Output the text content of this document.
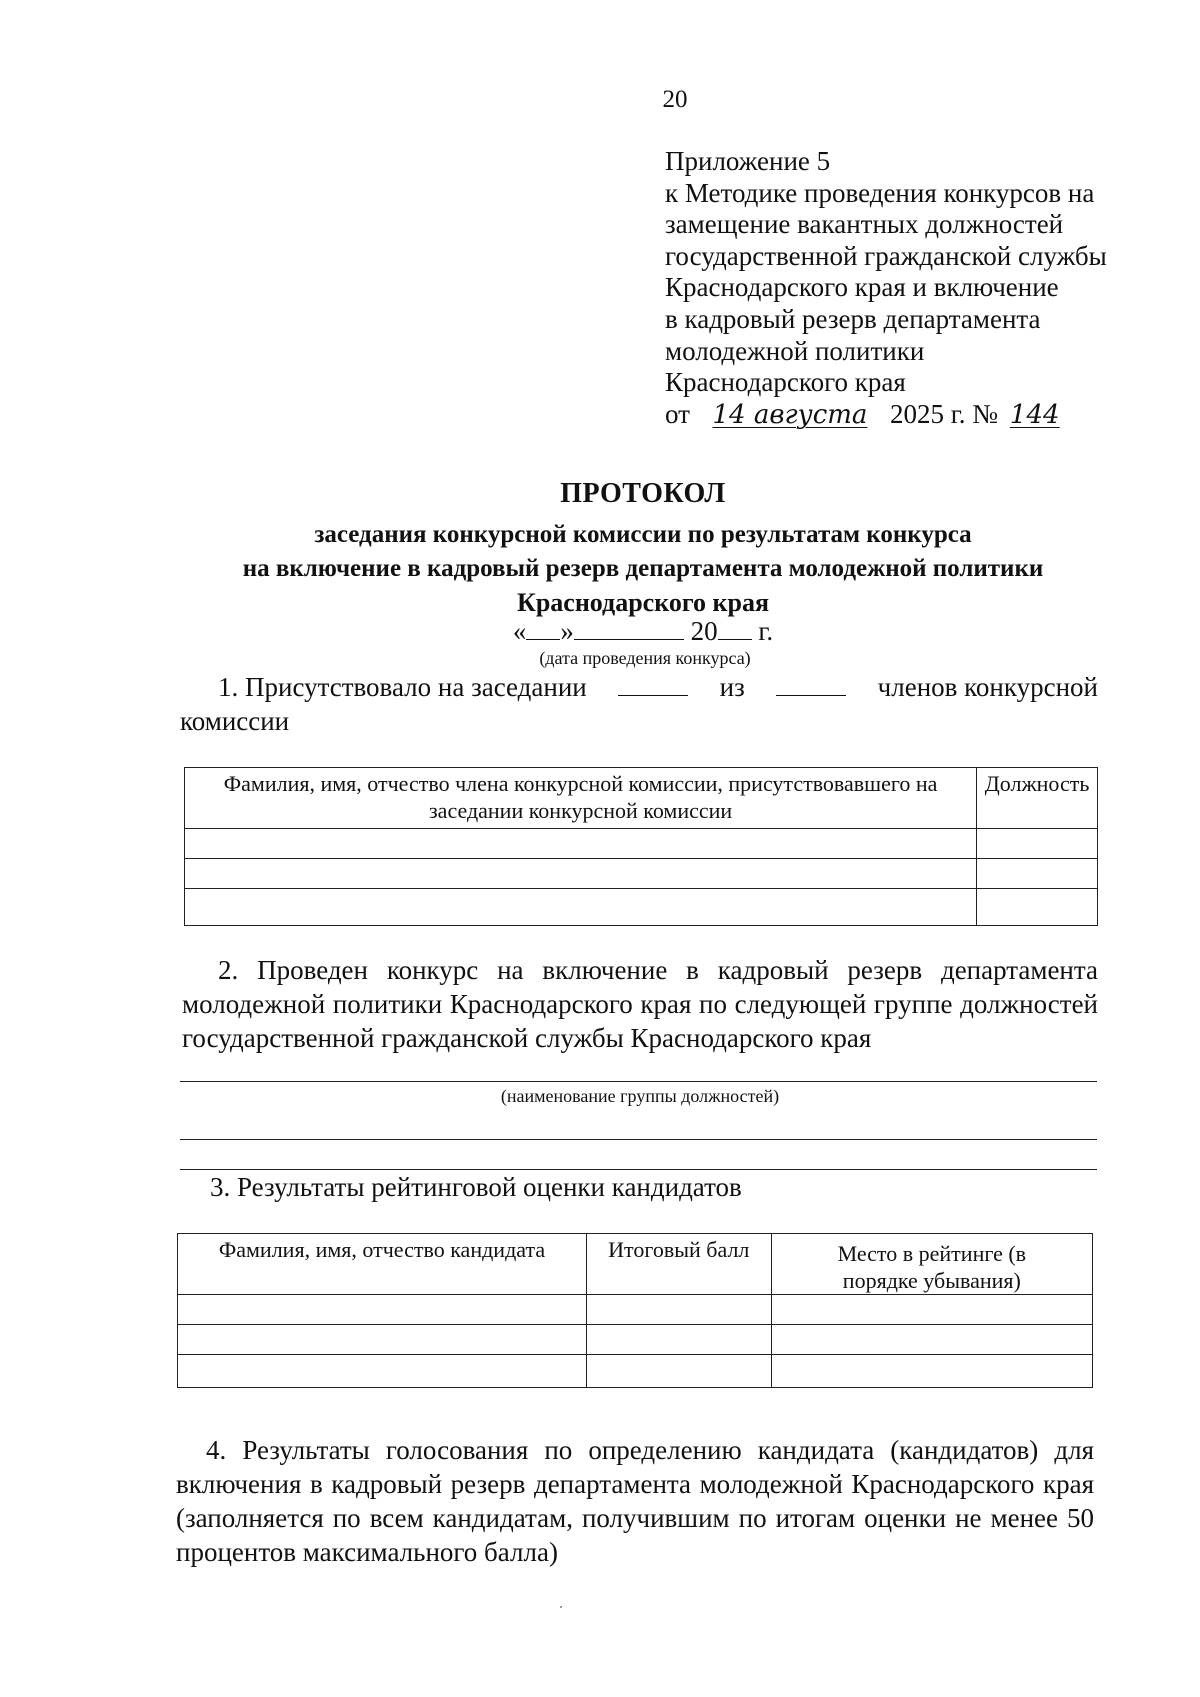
20
Приложение 5
к Методике проведения конкурсов на
замещение вакантных должностей
государственной гражданской службы
Краснодарского края и включение
в кадровый резерв департамента
молодежной политики
Краснодарского края
от 14 августа 2025 г. № 144
ПРОТОКОЛ
заседания конкурсной комиссии по результатам конкурса
на включение в кадровый резерв департамента молодежной политики
Краснодарского края
« »	20 г.
(дата проведения конкурса)
1. Присутствовало на заседании	из	членов конкурсной
комиссии
Фамилия, имя, отчество члена конкурсной комиссии, присутствовавшего на заседании конкурсной комиссии	Должность

2. Проведен конкурс на включение в кадровый резерв департамента молодежной политики Краснодарского края по следующей группе должностей государственной гражданской службы Краснодарского края
(наименование группы должностей)
3. Результаты рейтинговой оценки кандидатов
Фамилия, имя, отчество кандидата	Итоговый балл	Место в рейтинге (в порядке убывания)

4. Результаты голосования по определению кандидата (кандидатов) для включения в кадровый резерв департамента молодежной Краснодарского края (заполняется по всем кандидатам, получившим по итогам оценки не менее 50 процентов максимального балла)
